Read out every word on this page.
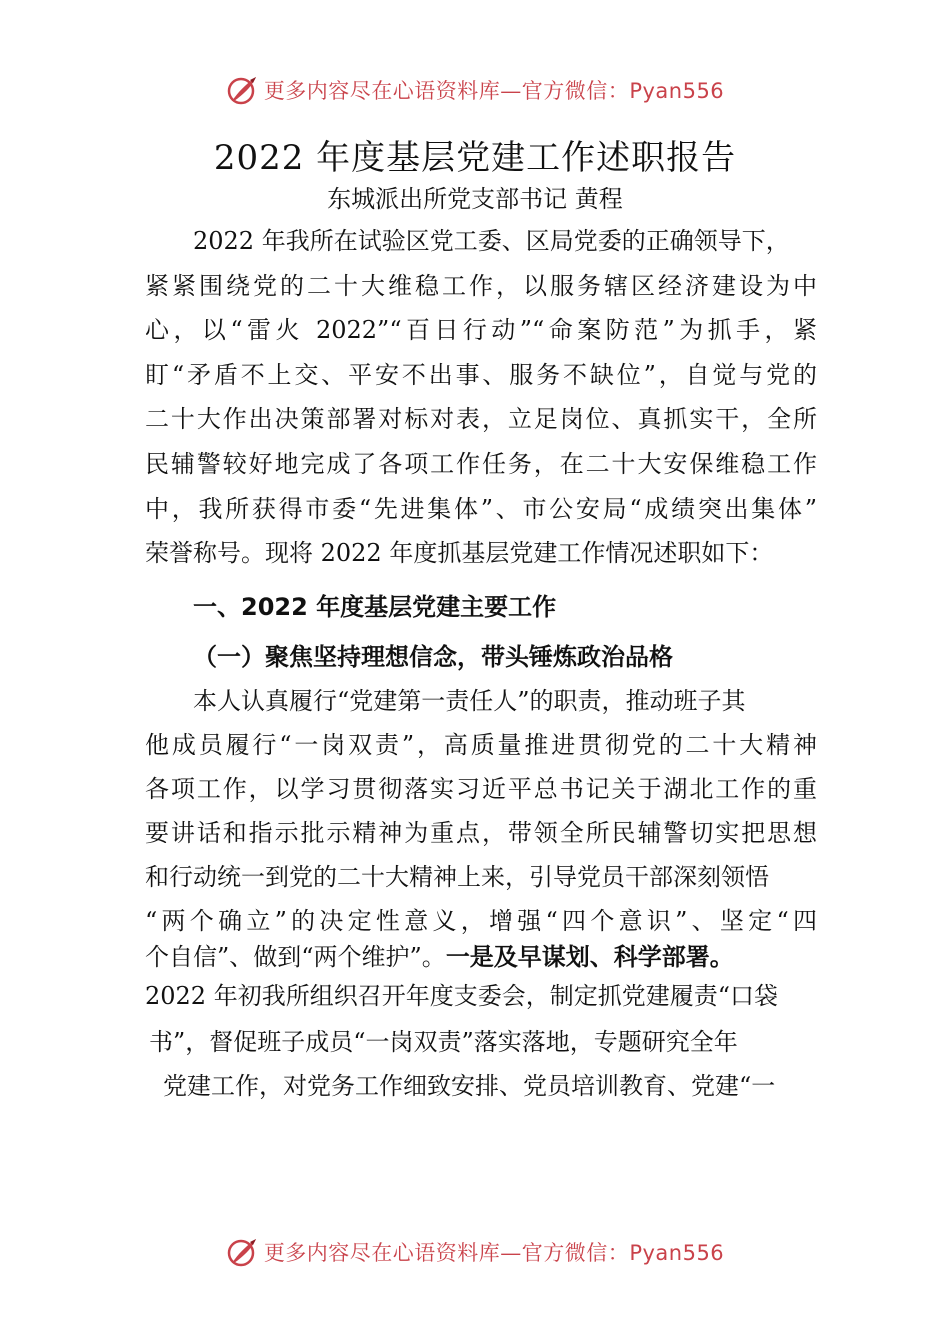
更多内容尽在心语资料库—官方微信：Pyan556
2022 年度基层党建工作述职报告
东城派出所党支部书记 黄程
2022 年我所在试验区党工委、区局党委的正确领导下，
紧紧围绕党的二十大维稳工作，以服务辖区经济建设为中
心，以“雷火 2022”“百日行动”“命案防范”为抓手，紧
盯“矛盾不上交、平安不出事、服务不缺位”，自觉与党的
二十大作出决策部署对标对表，立足岗位、真抓实干，全所
民辅警较好地完成了各项工作任务，在二十大安保维稳工作
中，我所获得市委“先进集体”、市公安局“成绩突出集体”
荣誉称号。现将 2022 年度抓基层党建工作情况述职如下：
一、2022 年度基层党建主要工作
（一）聚焦坚持理想信念，带头锤炼政治品格
本人认真履行“党建第一责任人”的职责，推动班子其
他成员履行“一岗双责”，高质量推进贯彻党的二十大精神
各项工作，以学习贯彻落实习近平总书记关于湖北工作的重
要讲话和指示批示精神为重点，带领全所民辅警切实把思想
和行动统一到党的二十大精神上来，引导党员干部深刻领悟
“两个确立”的决定性意义，增强“四个意识”、坚定“四
个自信”、做到“两个维护”。一是及早谋划、科学部署。
2022 年初我所组织召开年度支委会，制定抓党建履责“口袋
书”，督促班子成员“一岗双责”落实落地，专题研究全年
党建工作，对党务工作细致安排、党员培训教育、党建“一
更多内容尽在心语资料库—官方微信：Pyan556
